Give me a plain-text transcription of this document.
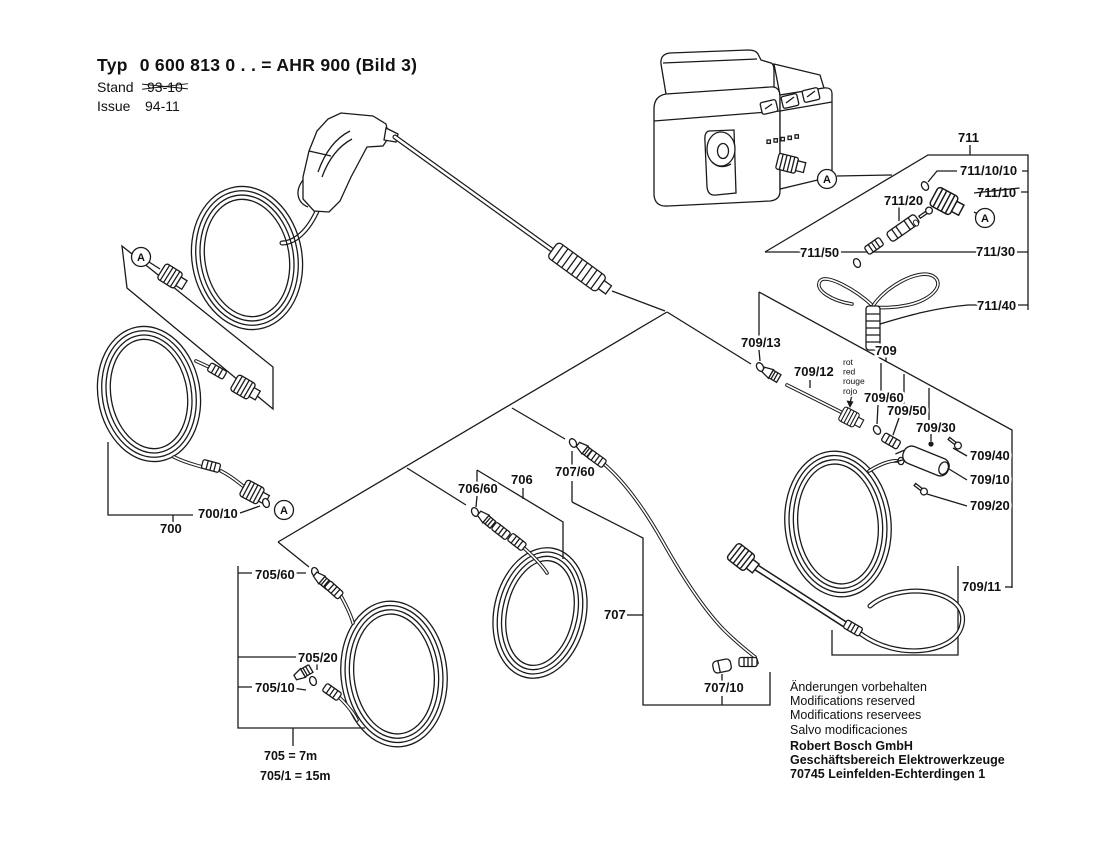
rot
red
rouge
rojo
711
711/10/10
711/10
711/20
711/50	711/30
711/40
709/13
709/12
709
709/60
709/50
709/30
709/40
709/10
709/20
709/11
707/60
706/60
706
707
707/10
705/60
705/20
705/10
705 = 7m
705/1 = 15m
700/10
700
A
A
A
A
Typ 0 600 813 0 . . = AHR 900 (Bild 3)
Stand 93-10
Issue 94-11
Änderungen vorbehalten
Modifications reserved
Modifications reservees
Salvo modificaciones
Robert Bosch GmbH
Geschäftsbereich Elektrowerkzeuge
70745 Leinfelden-Echterdingen 1
